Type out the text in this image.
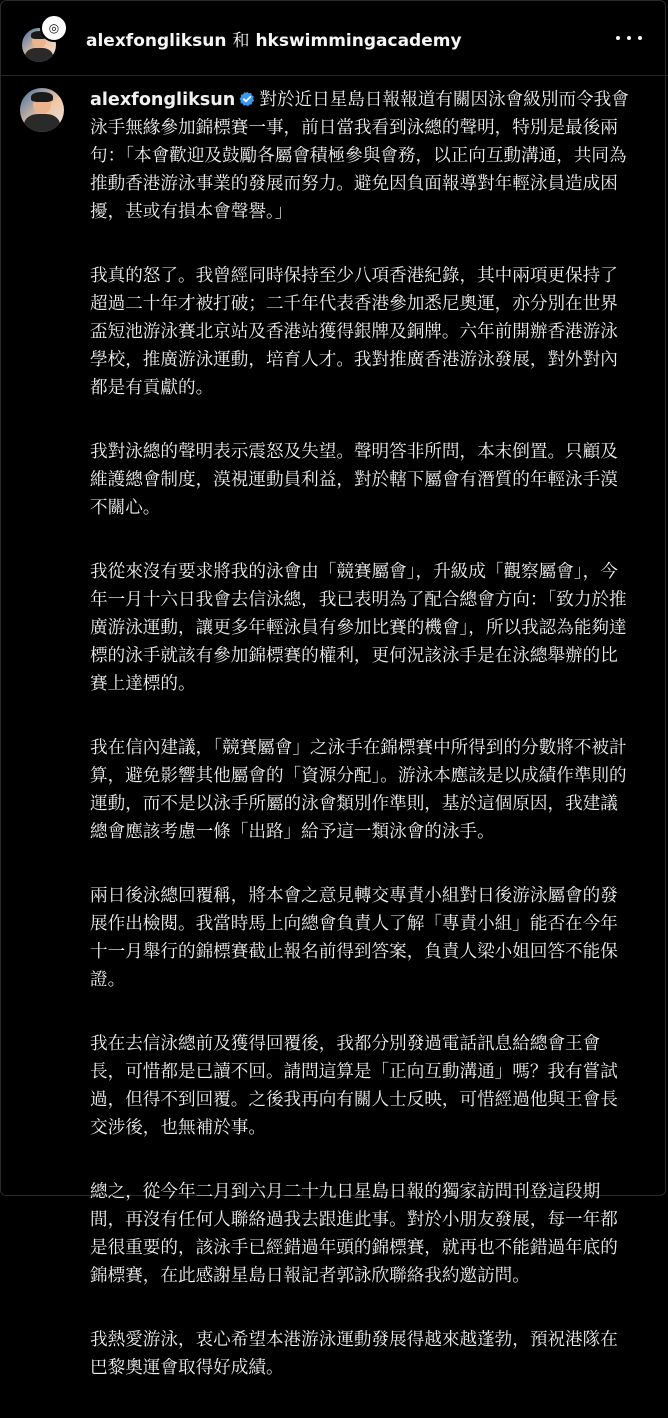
◎
alexfongliksun 和 hkswimmingacademy

alexfongliksun 對於近日星島日報報道有關因泳會級別而令我會泳手無緣參加錦標賽一事，前日當我看到泳總的聲明，特別是最後兩句：「本會歡迎及鼓勵各屬會積極參與會務，以正向互動溝通，共同為推動香港游泳事業的發展而努力。避免因負面報導對年輕泳員造成困擾，甚或有損本會聲譽。」

我真的怒了。我曾經同時保持至少八項香港紀錄，其中兩項更保持了超過二十年才被打破；二千年代表香港參加悉尼奧運，亦分別在世界盃短池游泳賽北京站及香港站獲得銀牌及銅牌。六年前開辦香港游泳學校，推廣游泳運動，培育人才。我對推廣香港游泳發展，對外對內都是有貢獻的。

我對泳總的聲明表示震怒及失望。聲明答非所問，本末倒置。只顧及維護總會制度，漠視運動員利益，對於轄下屬會有潛質的年輕泳手漠不關心。

我從來沒有要求將我的泳會由「競賽屬會」，升級成「觀察屬會」，今年一月十六日我會去信泳總，我已表明為了配合總會方向：「致力於推廣游泳運動，讓更多年輕泳員有參加比賽的機會」，所以我認為能夠達標的泳手就該有參加錦標賽的權利，更何況該泳手是在泳總舉辦的比賽上達標的。

我在信內建議，「競賽屬會」之泳手在錦標賽中所得到的分數將不被計算，避免影響其他屬會的「資源分配」。游泳本應該是以成績作準則的運動，而不是以泳手所屬的泳會類別作準則，基於這個原因，我建議總會應該考慮一條「出路」給予這一類泳會的泳手。

兩日後泳總回覆稱，將本會之意見轉交專責小組對日後游泳屬會的發展作出檢閱。我當時馬上向總會負責人了解「專責小組」能否在今年十一月舉行的錦標賽截止報名前得到答案，負責人梁小姐回答不能保證。

我在去信泳總前及獲得回覆後，我都分別發過電話訊息給總會王會長，可惜都是已讀不回。請問這算是「正向互動溝通」嗎？我有嘗試過，但得不到回覆。之後我再向有關人士反映，可惜經過他與王會長交涉後，也無補於事。

總之，從今年二月到六月二十九日星島日報的獨家訪問刊登這段期間，再沒有任何人聯絡過我去跟進此事。對於小朋友發展，每一年都是很重要的，該泳手已經錯過年頭的錦標賽，就再也不能錯過年底的錦標賽，在此感謝星島日報記者郭詠欣聯絡我約邀訪問。

我熱愛游泳，衷心希望本港游泳運動發展得越來越蓬勃，預祝港隊在巴黎奧運會取得好成績。
